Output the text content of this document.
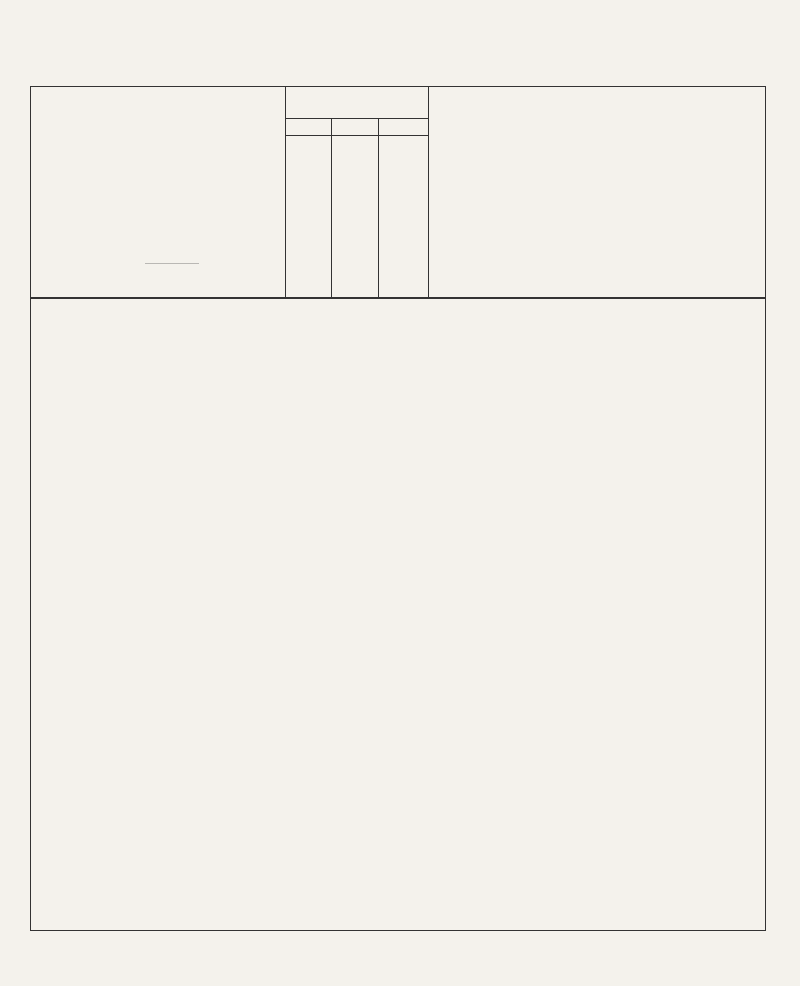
...........................
